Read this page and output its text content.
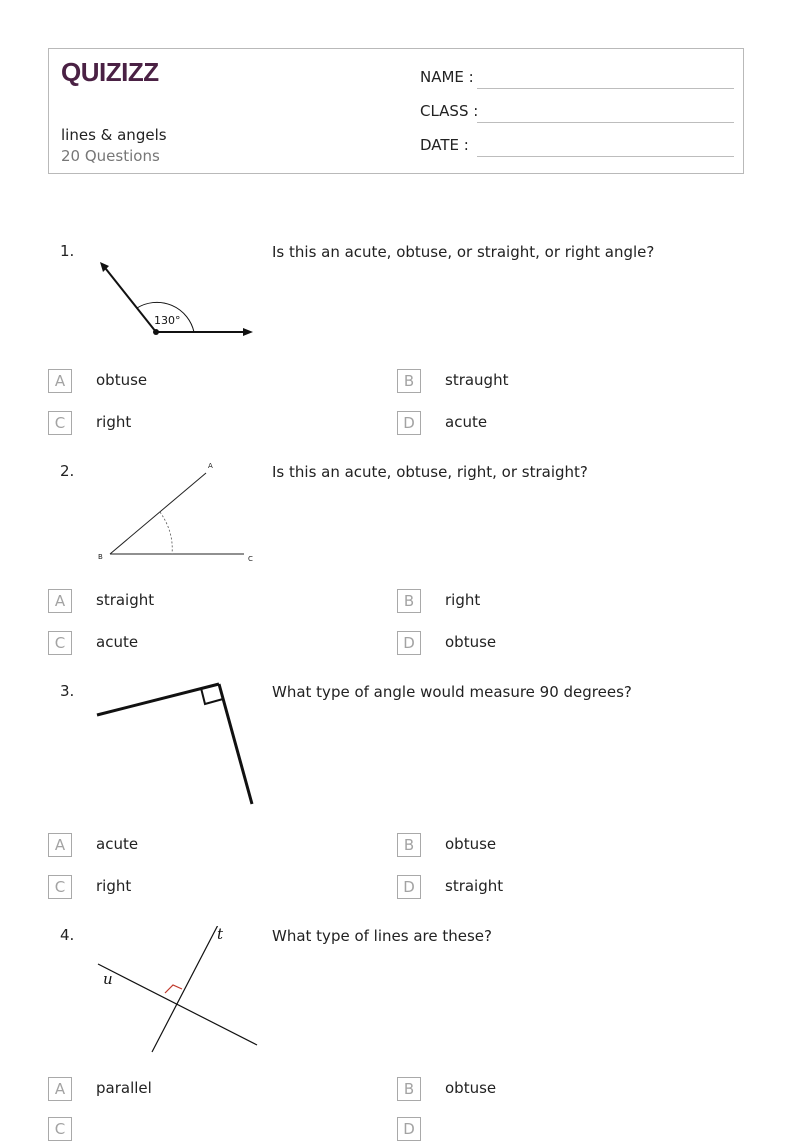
QUIZIZZ
lines & angels
20 Questions
NAME :
CLASS :
DATE :
1.
130°
Is this an acute, obtuse, or straight, or right angle?
A	obtuse	B	straught
C	right	D	acute
2.	A
B	C
Is this an acute, obtuse, right, or straight?
A	straight	B	right
C	acute	D	obtuse
3.	What type of angle would measure 90 degrees?
A	acute	B	obtuse
C	right	D	straight
4.	t
u
What type of lines are these?
A	parallel	B	obtuse
C	D
